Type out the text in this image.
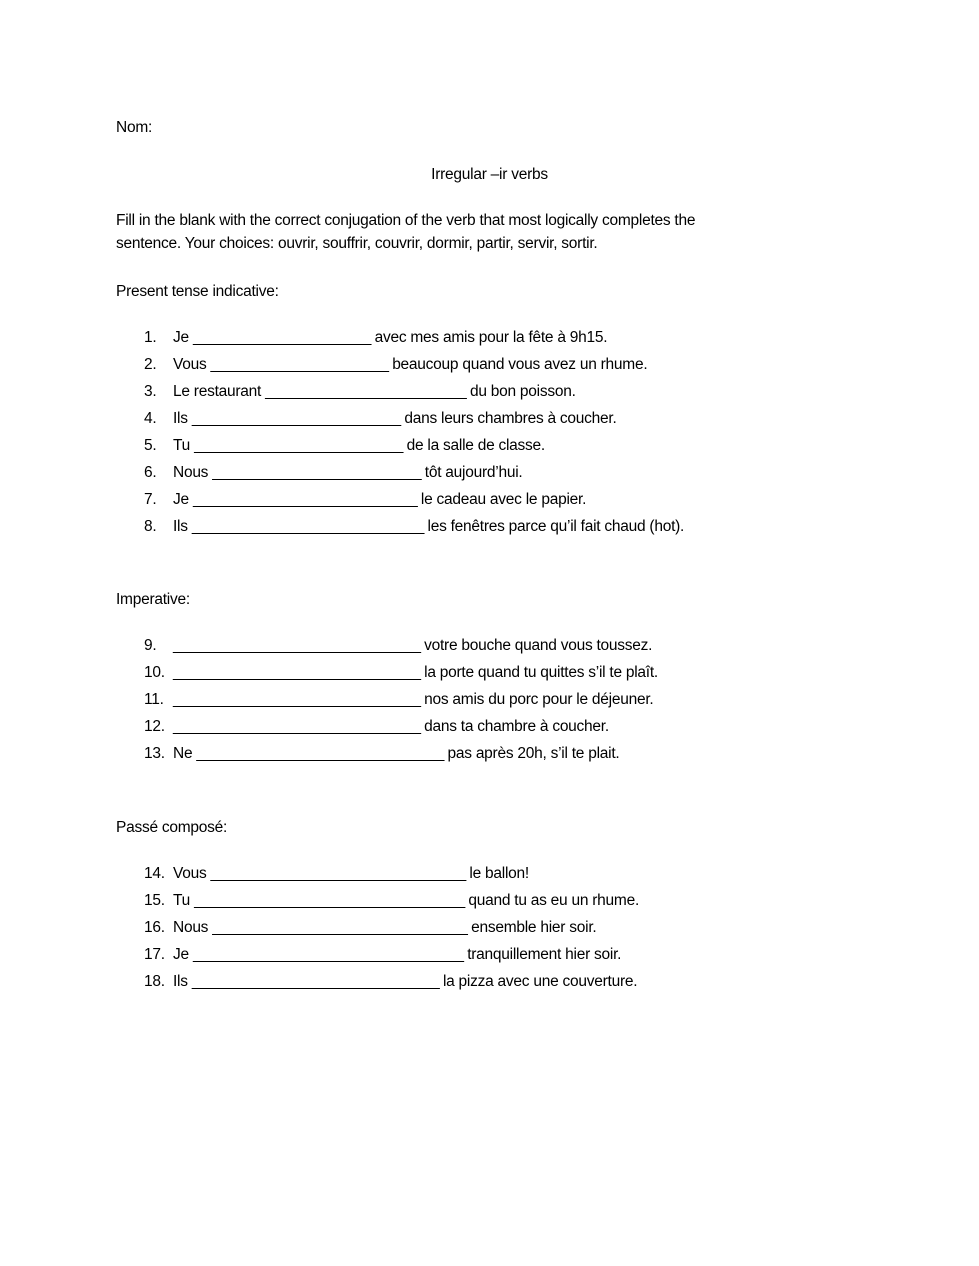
Nom:
Irregular –ir verbs
Fill in the blank with the correct conjugation of the verb that most logically completes the
sentence. Your choices: ouvrir, souffrir, couvrir, dormir, partir, servir, sortir.
Present tense indicative:
1. Je _______________________ avec mes amis pour la fête à 9h15.
2. Vous _______________________ beaucoup quand vous avez un rhume.
3. Le restaurant __________________________ du bon poisson.
4. Ils ___________________________ dans leurs chambres à coucher.
5. Tu ___________________________ de la salle de classe.
6. Nous ___________________________ tôt aujourd’hui.
7. Je _____________________________ le cadeau avec le papier.
8. Ils ______________________________ les fenêtres parce qu’il fait chaud (hot).
Imperative:
9. ________________________________ votre bouche quand vous toussez.
10. ________________________________ la porte quand tu quittes s’il te plaît.
11. ________________________________ nos amis du porc pour le déjeuner.
12. ________________________________ dans ta chambre à coucher.
13. Ne ________________________________ pas après 20h, s’il te plait.
Passé composé:
14. Vous _________________________________ le ballon!
15. Tu ___________________________________ quand tu as eu un rhume.
16. Nous _________________________________ ensemble hier soir.
17. Je ___________________________________ tranquillement hier soir.
18. Ils ________________________________ la pizza avec une couverture.
